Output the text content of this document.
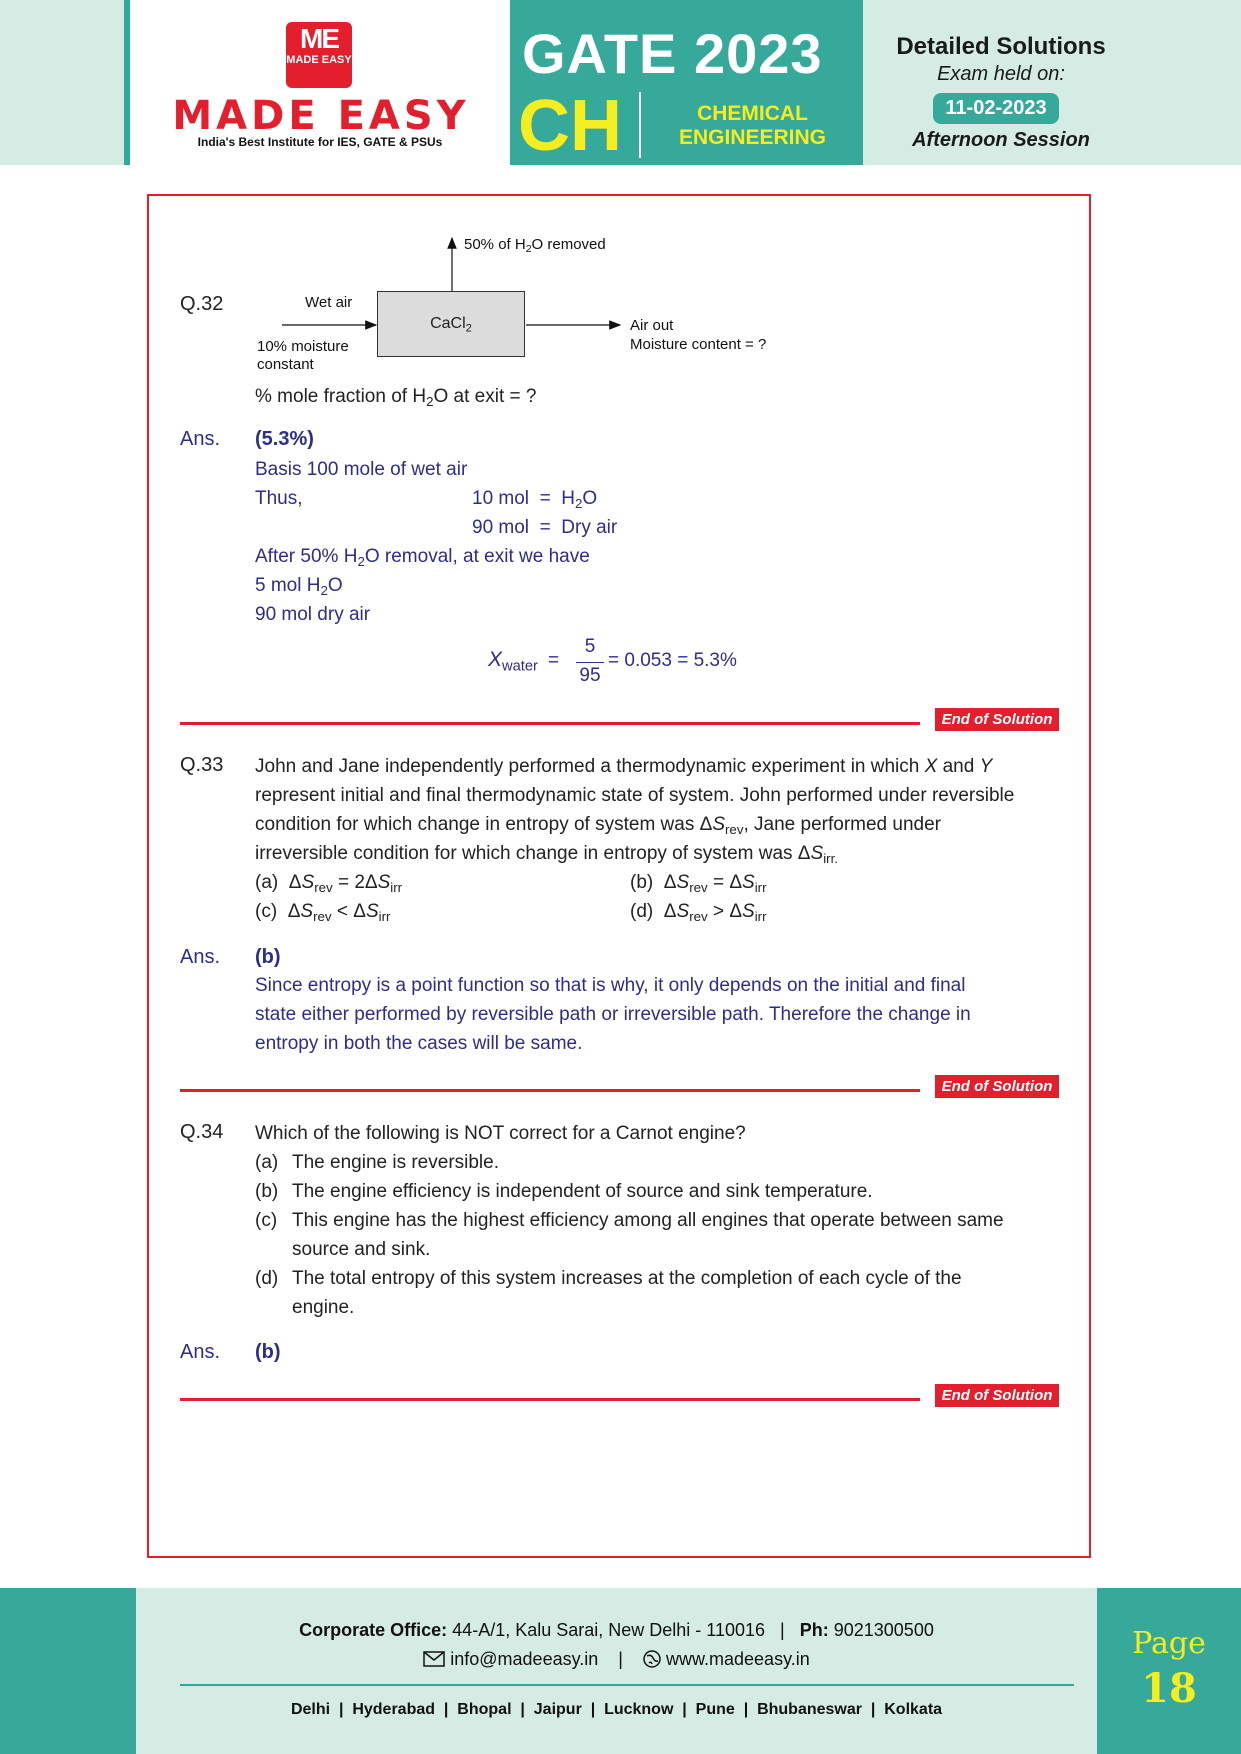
ME
MADE EASY
MADE EASY
India's Best Institute for IES, GATE & PSUs
GATE 2023
CH	CHEMICAL
ENGINEERING
Detailed Solutions
Exam held on:
11-02-2023
Afternoon Session
Q.32
CaCl$_2$
50% of $H_2O$ removed
Wet air
10% moisture
constant
Air out
Moisture content = ?
% mole fraction of $H_2O$ at exit = ?
Ans. (5.3%)
Basis 100 mole of wet air
Thus,	10 mol = $H_2O$
90 mol = Dry air
After 50% $H_2O$ removal, at exit we have
5 mol $H_2O$
90 mol dry air
$X_{water}$ =
5
95
= 0.053 = 5.3%
End of Solution
Q.33 John and Jane independently performed a thermodynamic experiment in which X and Y
represent initial and final thermodynamic state of system. John performed under reversible
condition for which change in entropy of system was $\Delta S_{rev}$, Jane performed under
irreversible condition for which change in entropy of system was $\Delta S_{irr.}$
(a) $\Delta S_{rev} = 2\Delta S_{irr}$	(b) $\Delta S_{rev} = \Delta S_{irr}$
(c) $\Delta S_{rev} < \Delta S_{irr}$	(d) $\Delta S_{rev} > \Delta S_{irr}$
Ans. (b)
Since entropy is a point function so that is why, it only depends on the initial and final
state either performed by reversible path or irreversible path. Therefore the change in
entropy in both the cases will be same.
End of Solution
Q.34 Which of the following is NOT correct for a Carnot engine?
(a) The engine is reversible.
(b) The engine efficiency is independent of source and sink temperature.
(c) This engine has the highest efficiency among all engines that operate between same
source and sink.
(d) The total entropy of this system increases at the completion of each cycle of the
engine.
Ans. (b)
End of Solution
Corporate Office: 44-A/1, Kalu Sarai, New Delhi - 110016 | Ph: 9021300500
info@madeeasy.in | www.madeeasy.in
Delhi  |  Hyderabad  |  Bhopal  |  Jaipur  |  Lucknow  |  Pune  |  Bhubaneswar  |  Kolkata
Page
18
